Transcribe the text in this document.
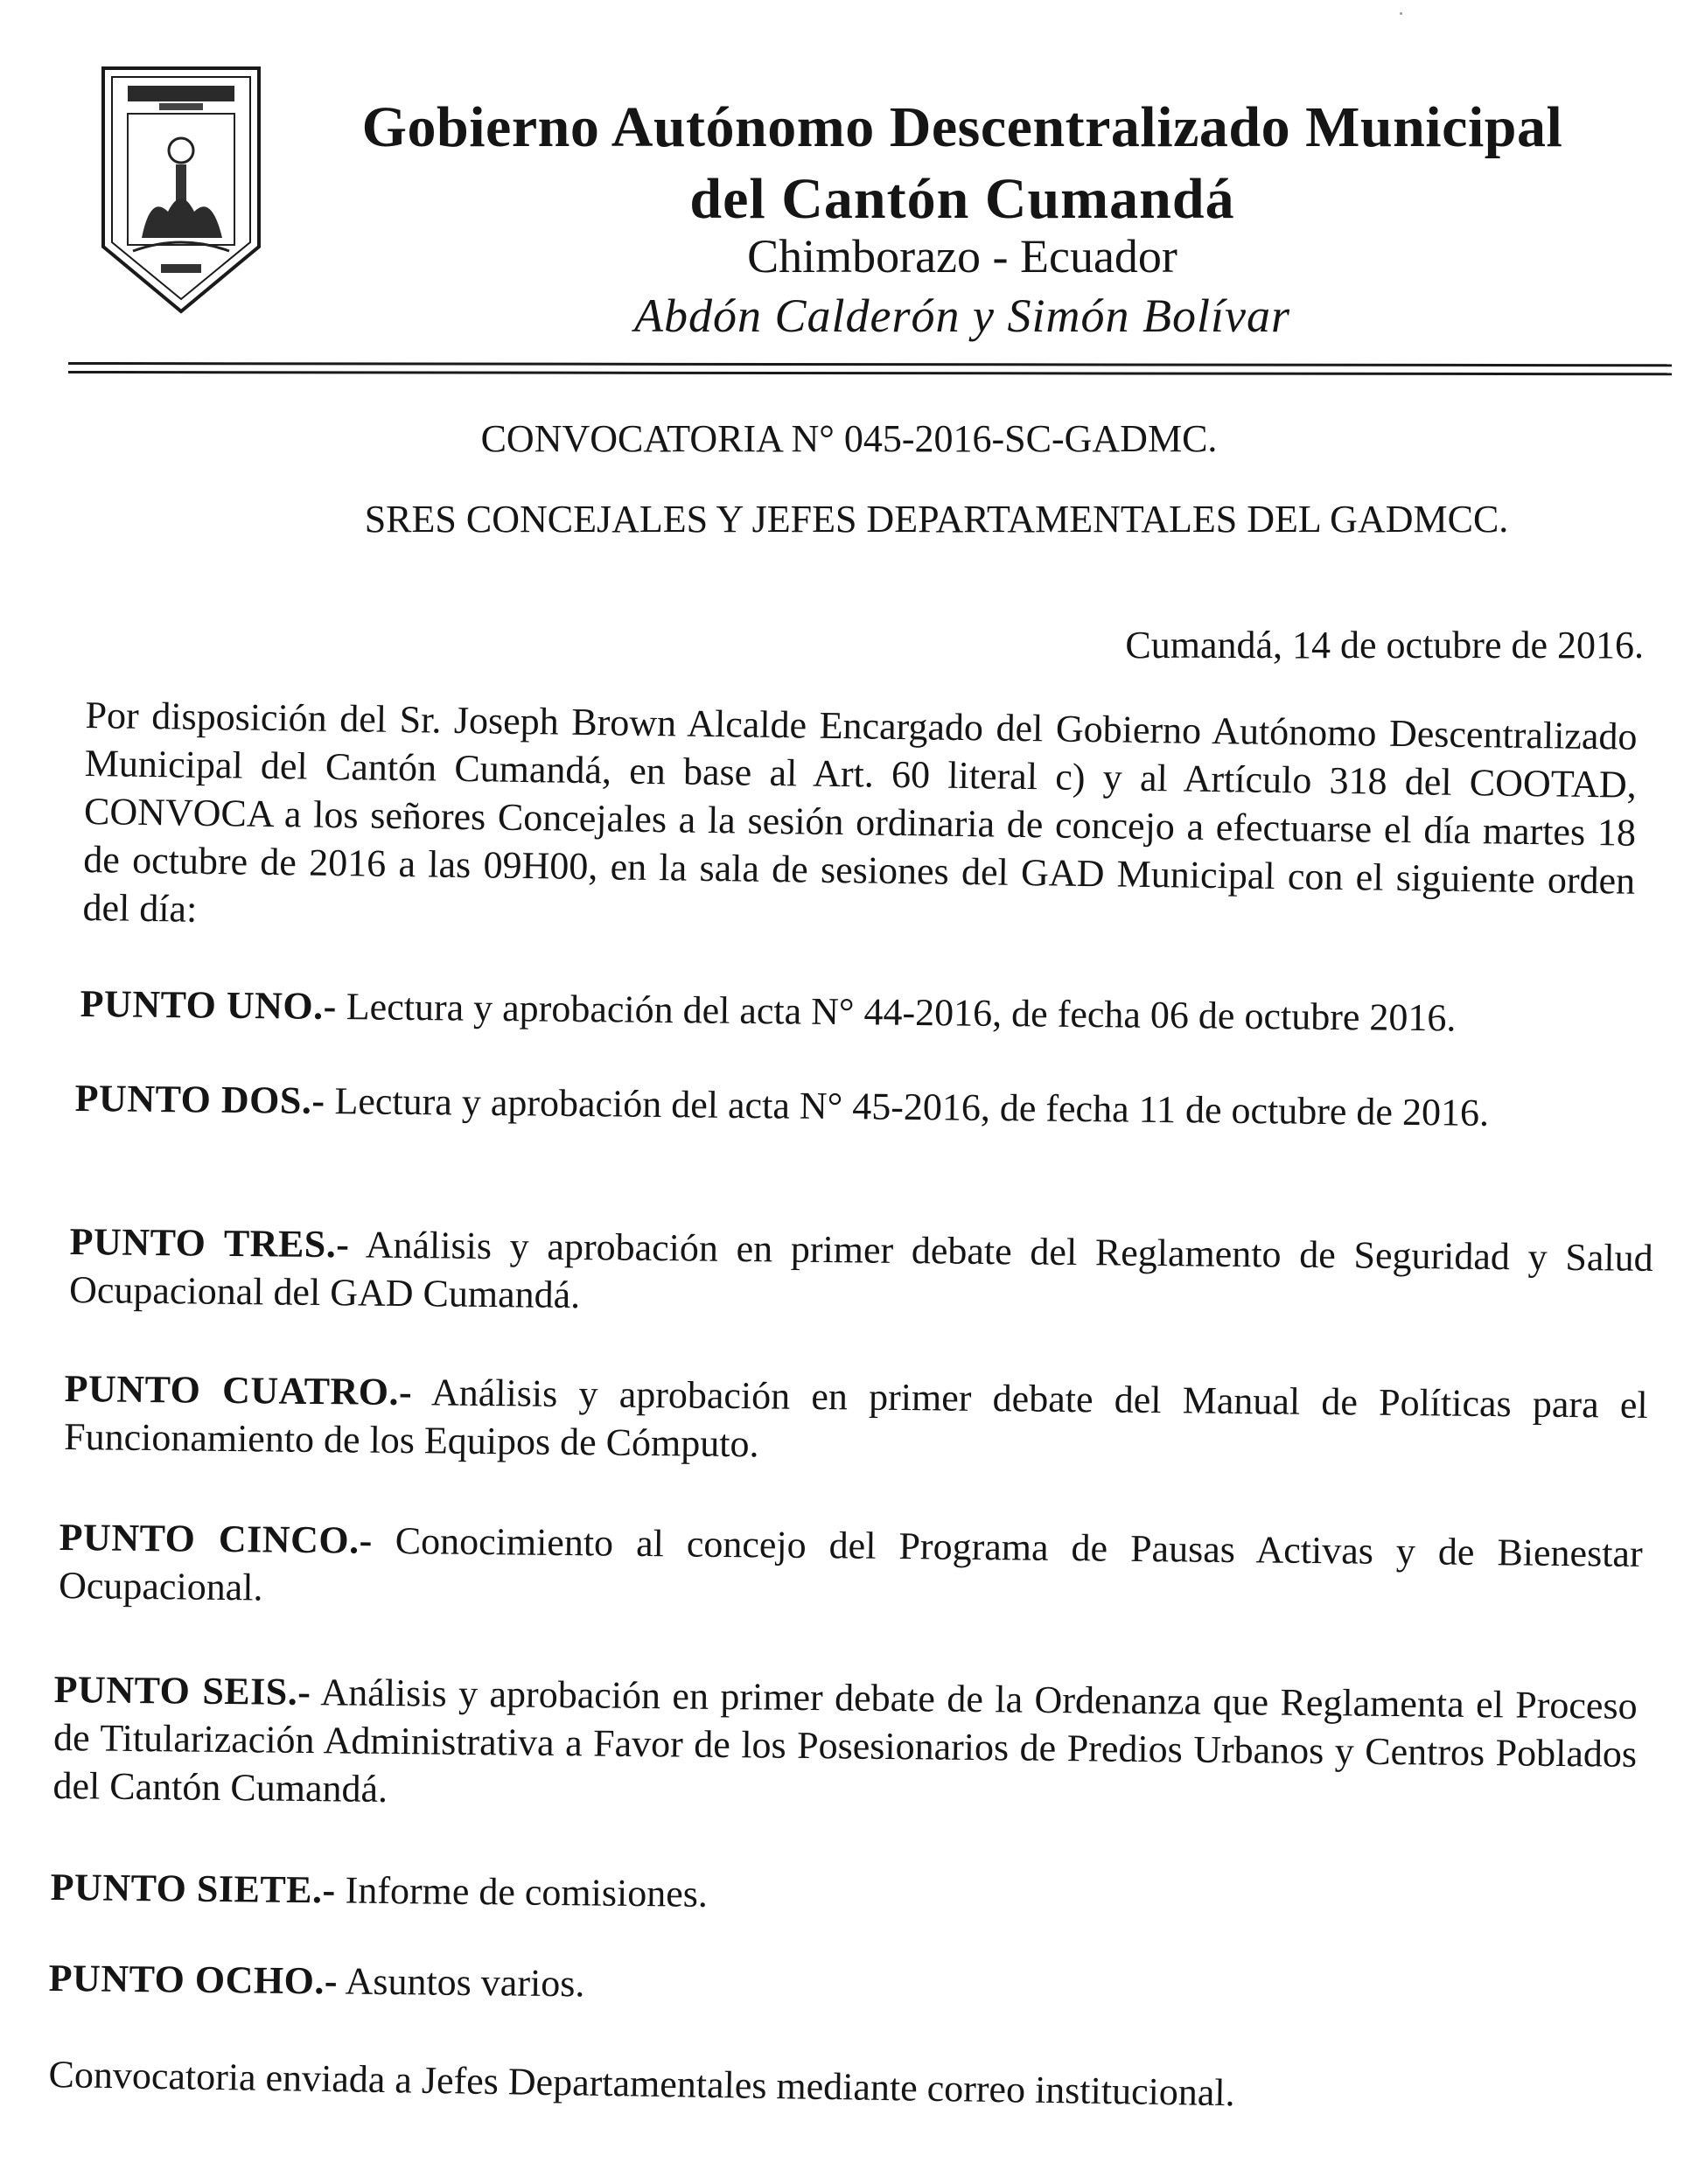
Gobierno Autónomo Descentralizado Municipal
del Cantón Cumandá
Chimborazo - Ecuador
Abdón Calderón y Simón Bolívar
CONVOCATORIA N° 045-2016-SC-GADMC.
SRES CONCEJALES Y JEFES DEPARTAMENTALES DEL GADMCC.
Cumandá, 14 de octubre de 2016.
Por disposición del Sr. Joseph Brown Alcalde Encargado del Gobierno Autónomo Descentralizado Municipal del Cantón Cumandá, en base al Art. 60 literal c) y al Artículo 318 del COOTAD, CONVOCA a los señores Concejales a la sesión ordinaria de concejo a efectuarse el día martes 18 de octubre de 2016 a las 09H00, en la sala de sesiones del GAD Municipal con el siguiente orden del día:
PUNTO UNO.- Lectura y aprobación del acta N° 44-2016, de fecha 06 de octubre 2016.
PUNTO DOS.- Lectura y aprobación del acta N° 45-2016, de fecha 11 de octubre de 2016.
PUNTO TRES.- Análisis y aprobación en primer debate del Reglamento de Seguridad y Salud Ocupacional del GAD Cumandá.
PUNTO CUATRO.- Análisis y aprobación en primer debate del Manual de Políticas para el Funcionamiento de los Equipos de Cómputo.
PUNTO CINCO.- Conocimiento al concejo del Programa de Pausas Activas y de Bienestar Ocupacional.
PUNTO SEIS.- Análisis y aprobación en primer debate de la Ordenanza que Reglamenta el Proceso de Titularización Administrativa a Favor de los Posesionarios de Predios Urbanos y Centros Poblados del Cantón Cumandá.
PUNTO SIETE.- Informe de comisiones.
PUNTO OCHO.- Asuntos varios.
Convocatoria enviada a Jefes Departamentales mediante correo institucional.
